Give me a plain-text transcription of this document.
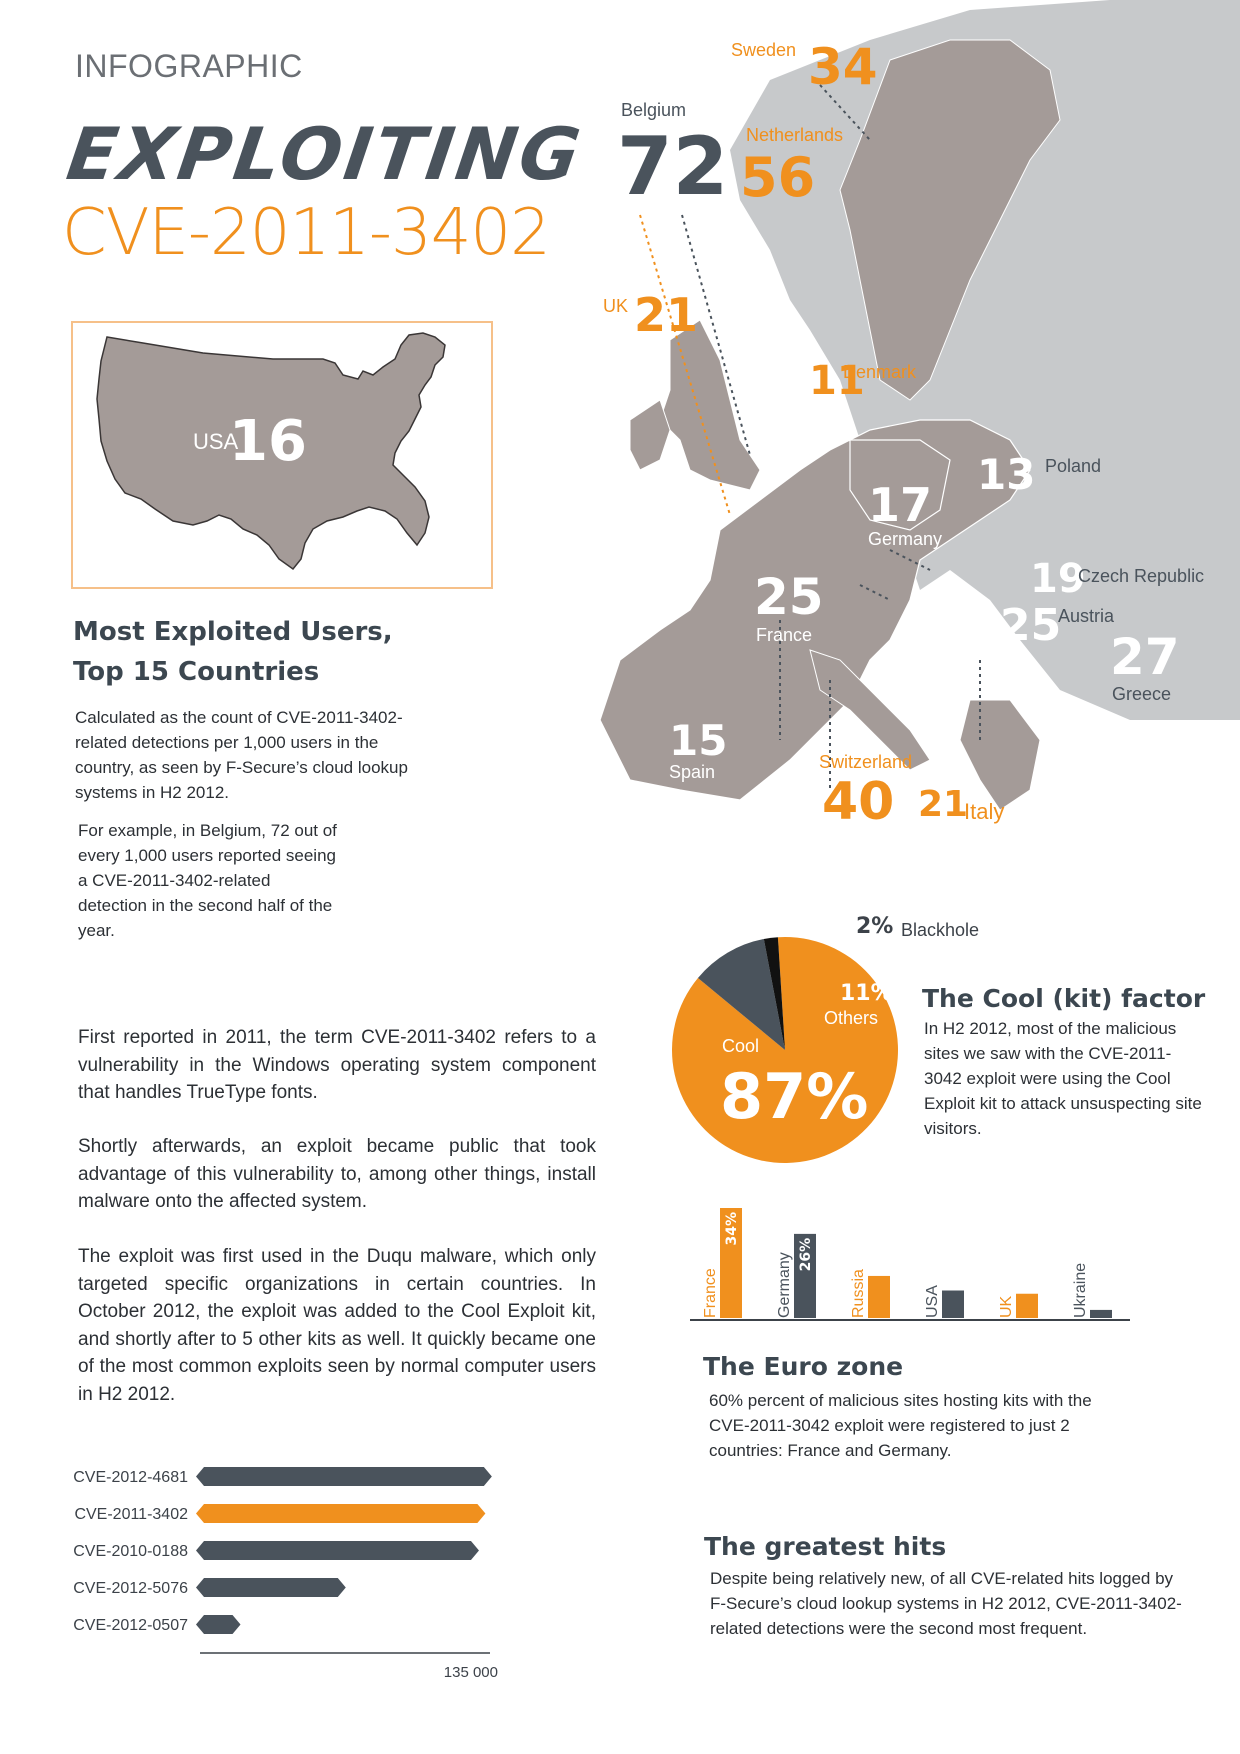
INFOGRAPHIC
EXPLOITING
CVE-2011-3402
USA
16
Sweden 34
Belgium
72 Netherlands
56
UK 21
11
Denmark
17
Germany
13 Poland
19
Czech Republic
25
Austria
25
France	27
Greece
15
Spain	Switzerland
40 21
Italy
Most Exploited Users,
Top 15 Countries
Calculated as the count of CVE-2011-3402-related detections per 1,000 users in the country, as seen by F-Secure’s cloud lookup systems in H2 2012.
For example, in Belgium, 72 out of every 1,000 users reported seeing a CVE-2011-3402-related detection in the second half of the year.
First reported in 2011, the term CVE-2011-3402 refers to a vulnerability in the Windows operating system component that handles TrueType fonts.
Shortly afterwards, an exploit became public that took advantage of this vulnerability to, among other things, install malware onto the affected system.
The exploit was first used in the Duqu malware, which only targeted specific organizations in certain countries. In October 2012, the exploit was added to the Cool Exploit kit, and shortly after to 5 other kits as well. It quickly became one of the most common exploits seen by normal computer users in H2 2012.
Cool
87%
11%
Others
2% Blackhole
The Cool (kit) factor
In H2 2012, most of the malicious sites we saw with the CVE-2011-3042 exploit were using the Cool Exploit kit to attack unsuspecting site visitors.
France
34%
Germany 26%
Russia	USA	UK	Ukraine
The Euro zone
60% percent of malicious sites hosting kits with the CVE-2011-3042 exploit were registered to just 2 countries: France and Germany.
The greatest hits
Despite being relatively new, of all CVE-related hits logged by F-Secure’s cloud lookup systems in H2 2012, CVE-2011-3402-related detections were the second most frequent.
CVE-2012-4681
CVE-2011-3402
CVE-2010-0188
CVE-2012-5076
CVE-2012-0507
135 000
